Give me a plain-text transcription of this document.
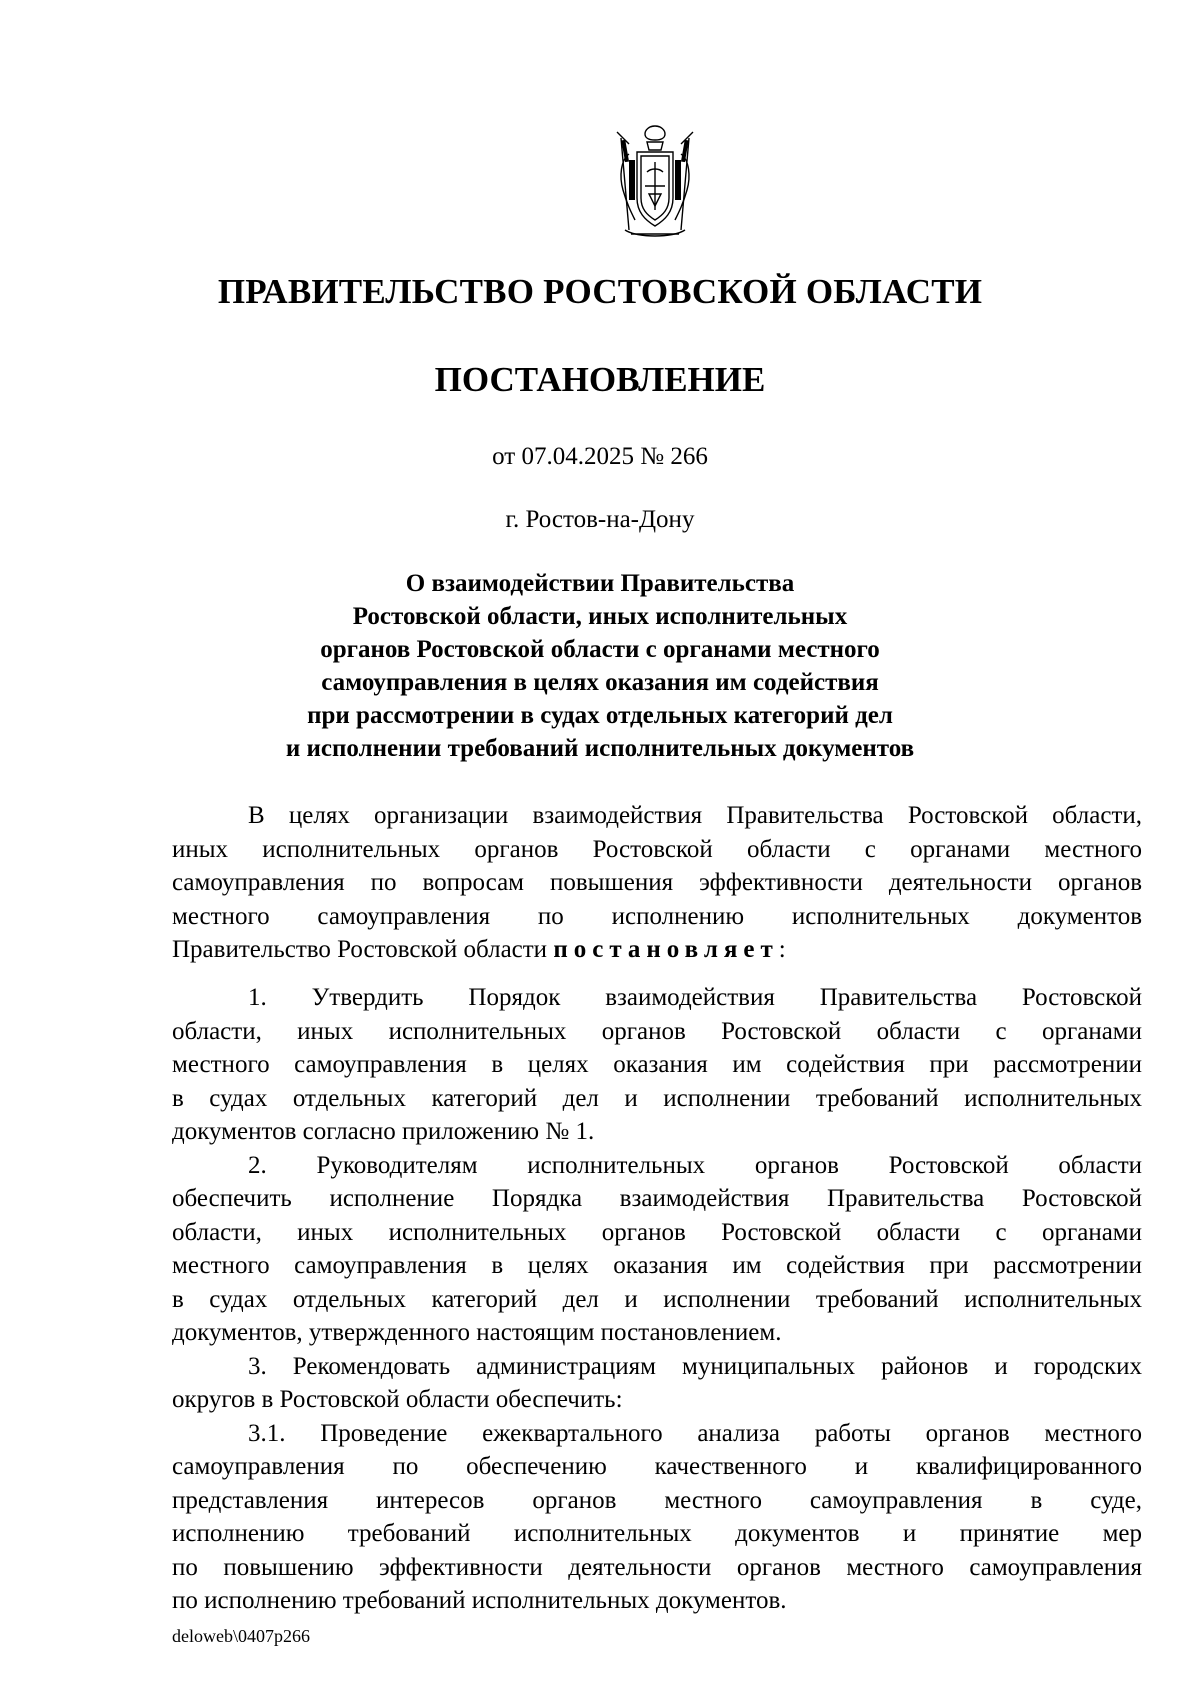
ПРАВИТЕЛЬСТВО РОСТОВСКОЙ ОБЛАСТИ
ПОСТАНОВЛЕНИЕ
от 07.04.2025 № 266
г. Ростов-на-Дону
О взаимодействии Правительства
Ростовской области, иных исполнительных
органов Ростовской области с органами местного
самоуправления в целях оказания им содействия
при рассмотрении в судах отдельных категорий дел
и исполнении требований исполнительных документов
В целях организации взаимодействия Правительства Ростовской области,
иных исполнительных органов Ростовской области с органами местного
самоуправления по вопросам повышения эффективности деятельности органов
местного самоуправления по исполнению исполнительных документов
Правительство Ростовской области постановляет:
1. Утвердить Порядок взаимодействия Правительства Ростовской
области, иных исполнительных органов Ростовской области с органами
местного самоуправления в целях оказания им содействия при рассмотрении
в судах отдельных категорий дел и исполнении требований исполнительных
документов согласно приложению № 1.
2. Руководителям исполнительных органов Ростовской области
обеспечить исполнение Порядка взаимодействия Правительства Ростовской
области, иных исполнительных органов Ростовской области с органами
местного самоуправления в целях оказания им содействия при рассмотрении
в судах отдельных категорий дел и исполнении требований исполнительных
документов, утвержденного настоящим постановлением.
3. Рекомендовать администрациям муниципальных районов и городских
округов в Ростовской области обеспечить:
3.1. Проведение ежеквартального анализа работы органов местного
самоуправления по обеспечению качественного и квалифицированного
представления интересов органов местного самоуправления в суде,
исполнению требований исполнительных документов и принятие мер
по повышению эффективности деятельности органов местного самоуправления
по исполнению требований исполнительных документов.
deloweb\0407p266
